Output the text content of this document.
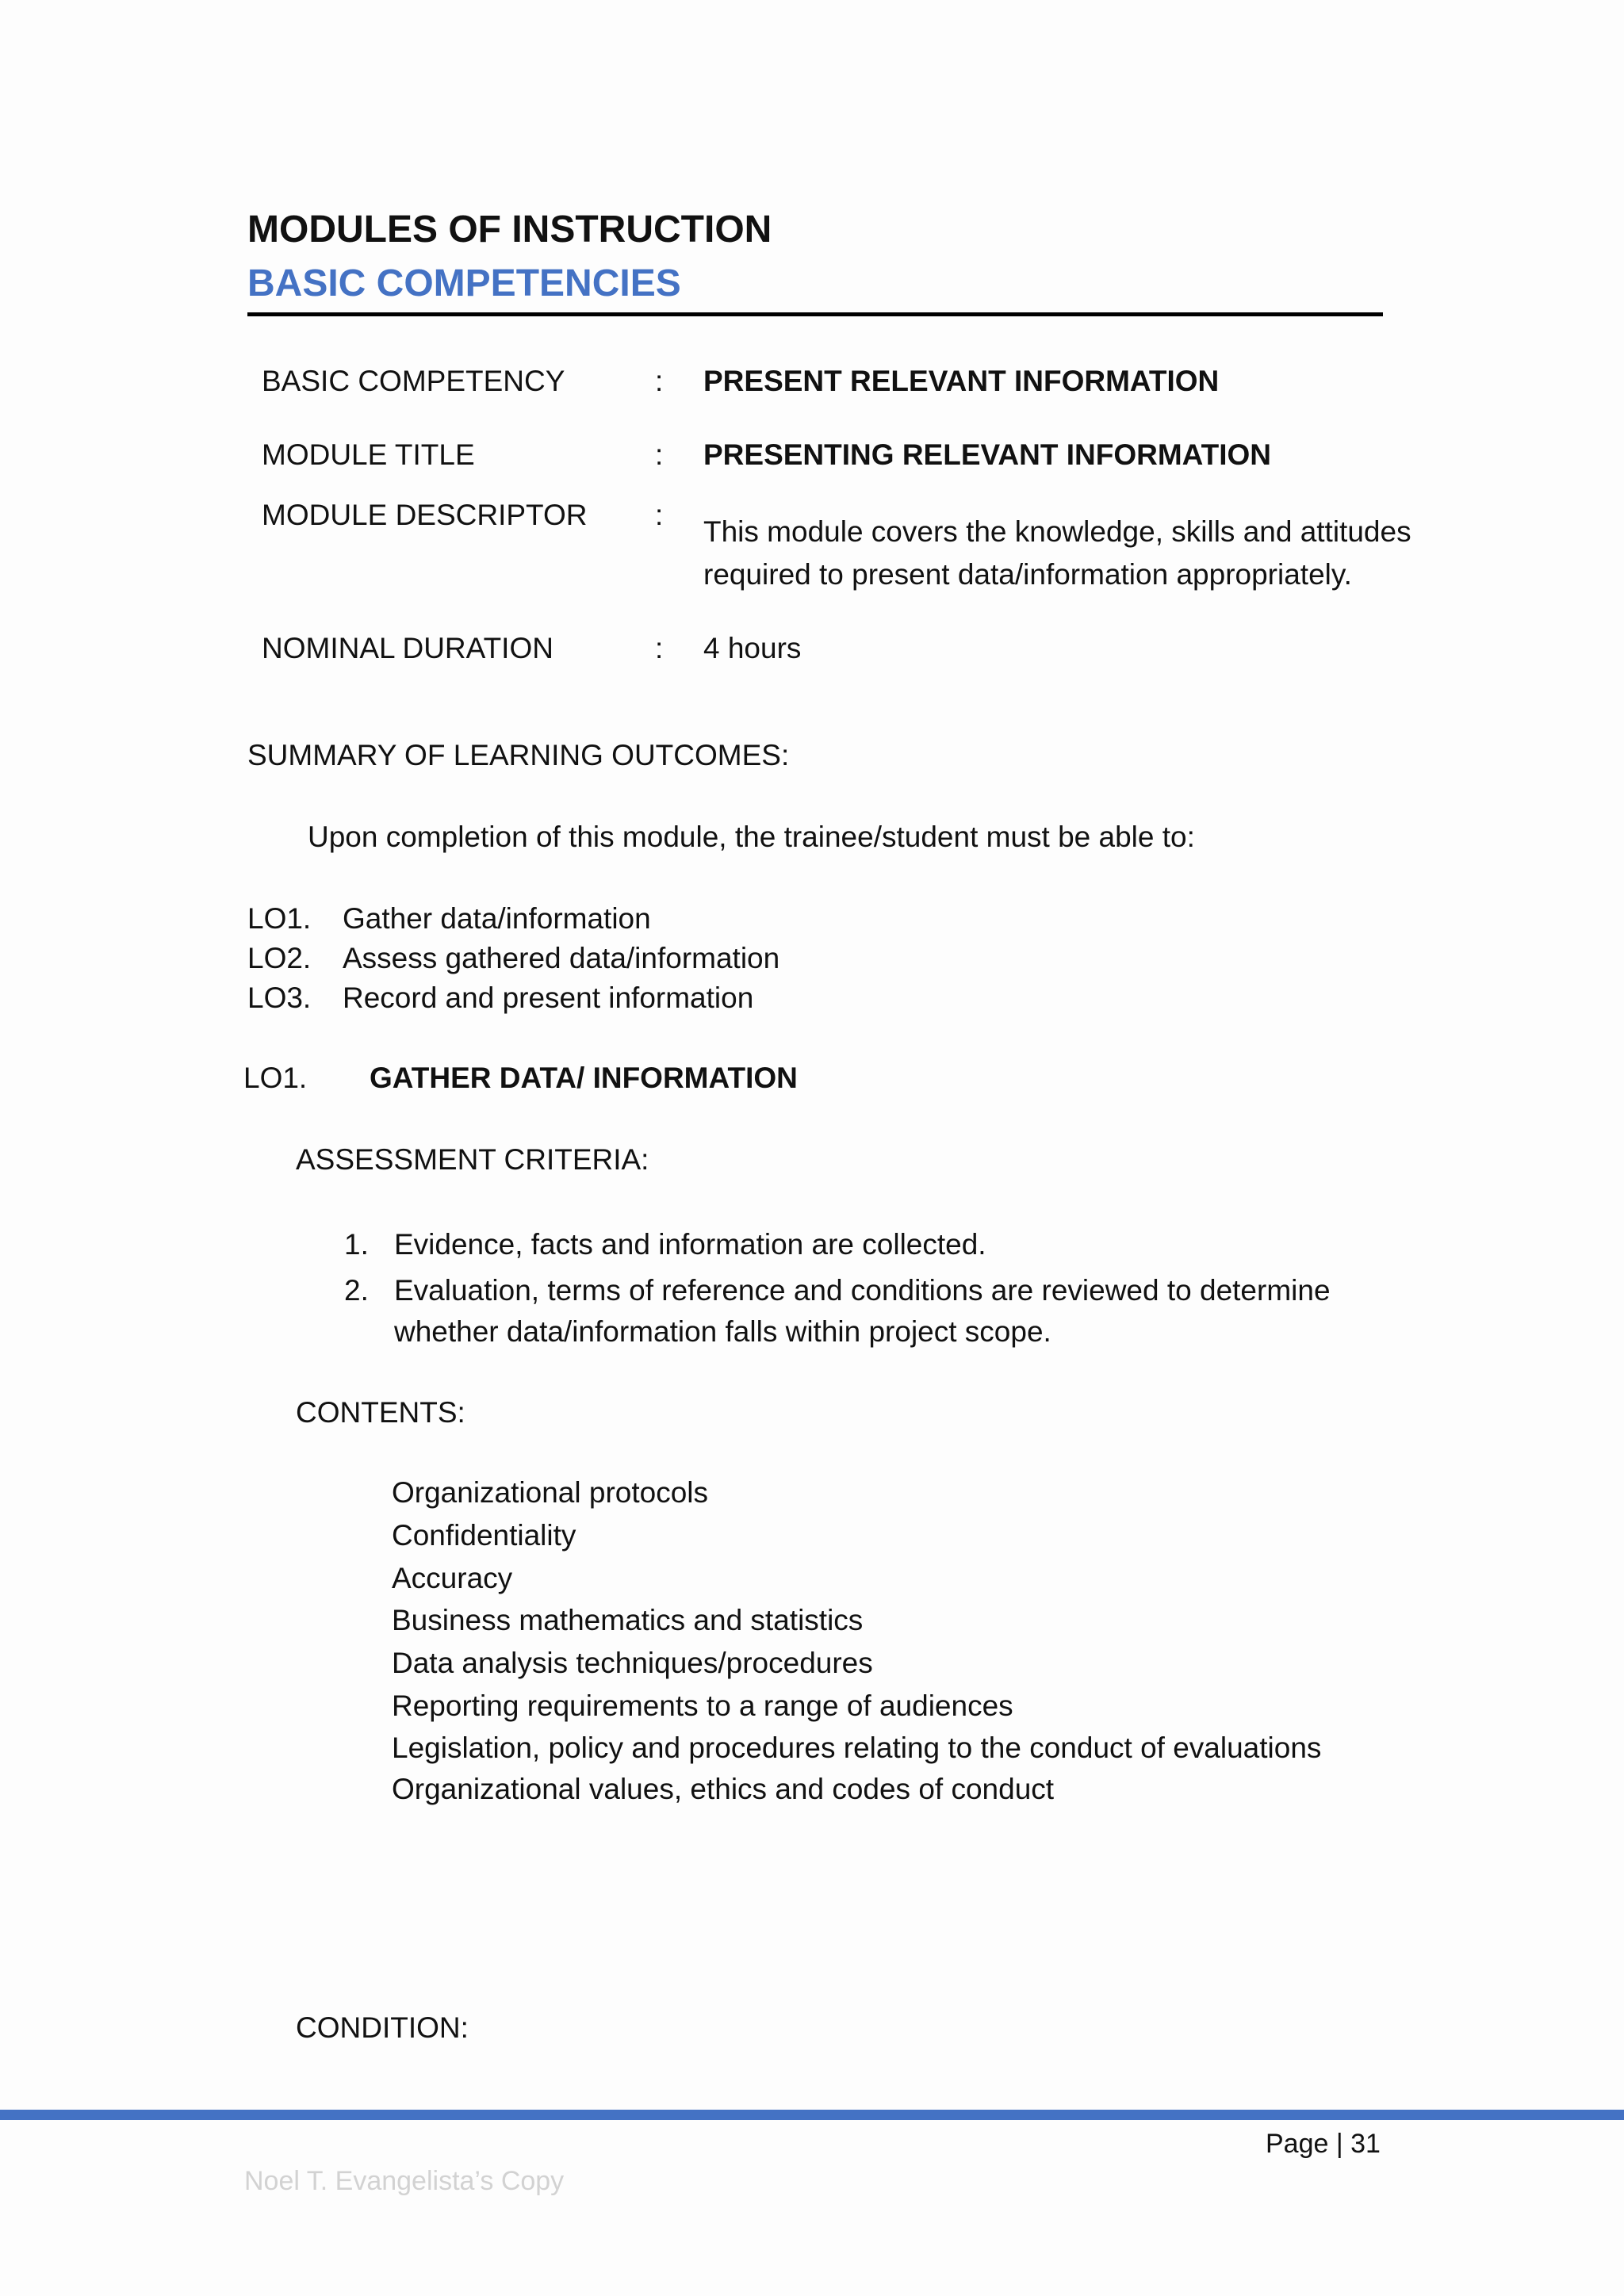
MODULES OF INSTRUCTION
BASIC COMPETENCIES
BASIC COMPETENCY	: PRESENT RELEVANT INFORMATION
MODULE TITLE	: PRESENTING RELEVANT INFORMATION
MODULE DESCRIPTOR :
This module covers the knowledge, skills and attitudes
required to present data/information appropriately.
NOMINAL DURATION	: 4 hours
SUMMARY OF LEARNING OUTCOMES:
Upon completion of this module, the trainee/student must be able to:
LO1. Gather data/information
LO2. Assess gathered data/information
LO3. Record and present information
LO1. GATHER DATA/ INFORMATION
ASSESSMENT CRITERIA:
1. Evidence, facts and information are collected.
2. Evaluation, terms of reference and conditions are reviewed to determine
whether data/information falls within project scope.
CONTENTS:
Organizational protocols
Confidentiality
Accuracy
Business mathematics and statistics
Data analysis techniques/procedures
Reporting requirements to a range of audiences
Legislation, policy and procedures relating to the conduct of evaluations
Organizational values, ethics and codes of conduct
CONDITION:
Page | 31
Noel T. Evangelista’s Copy
